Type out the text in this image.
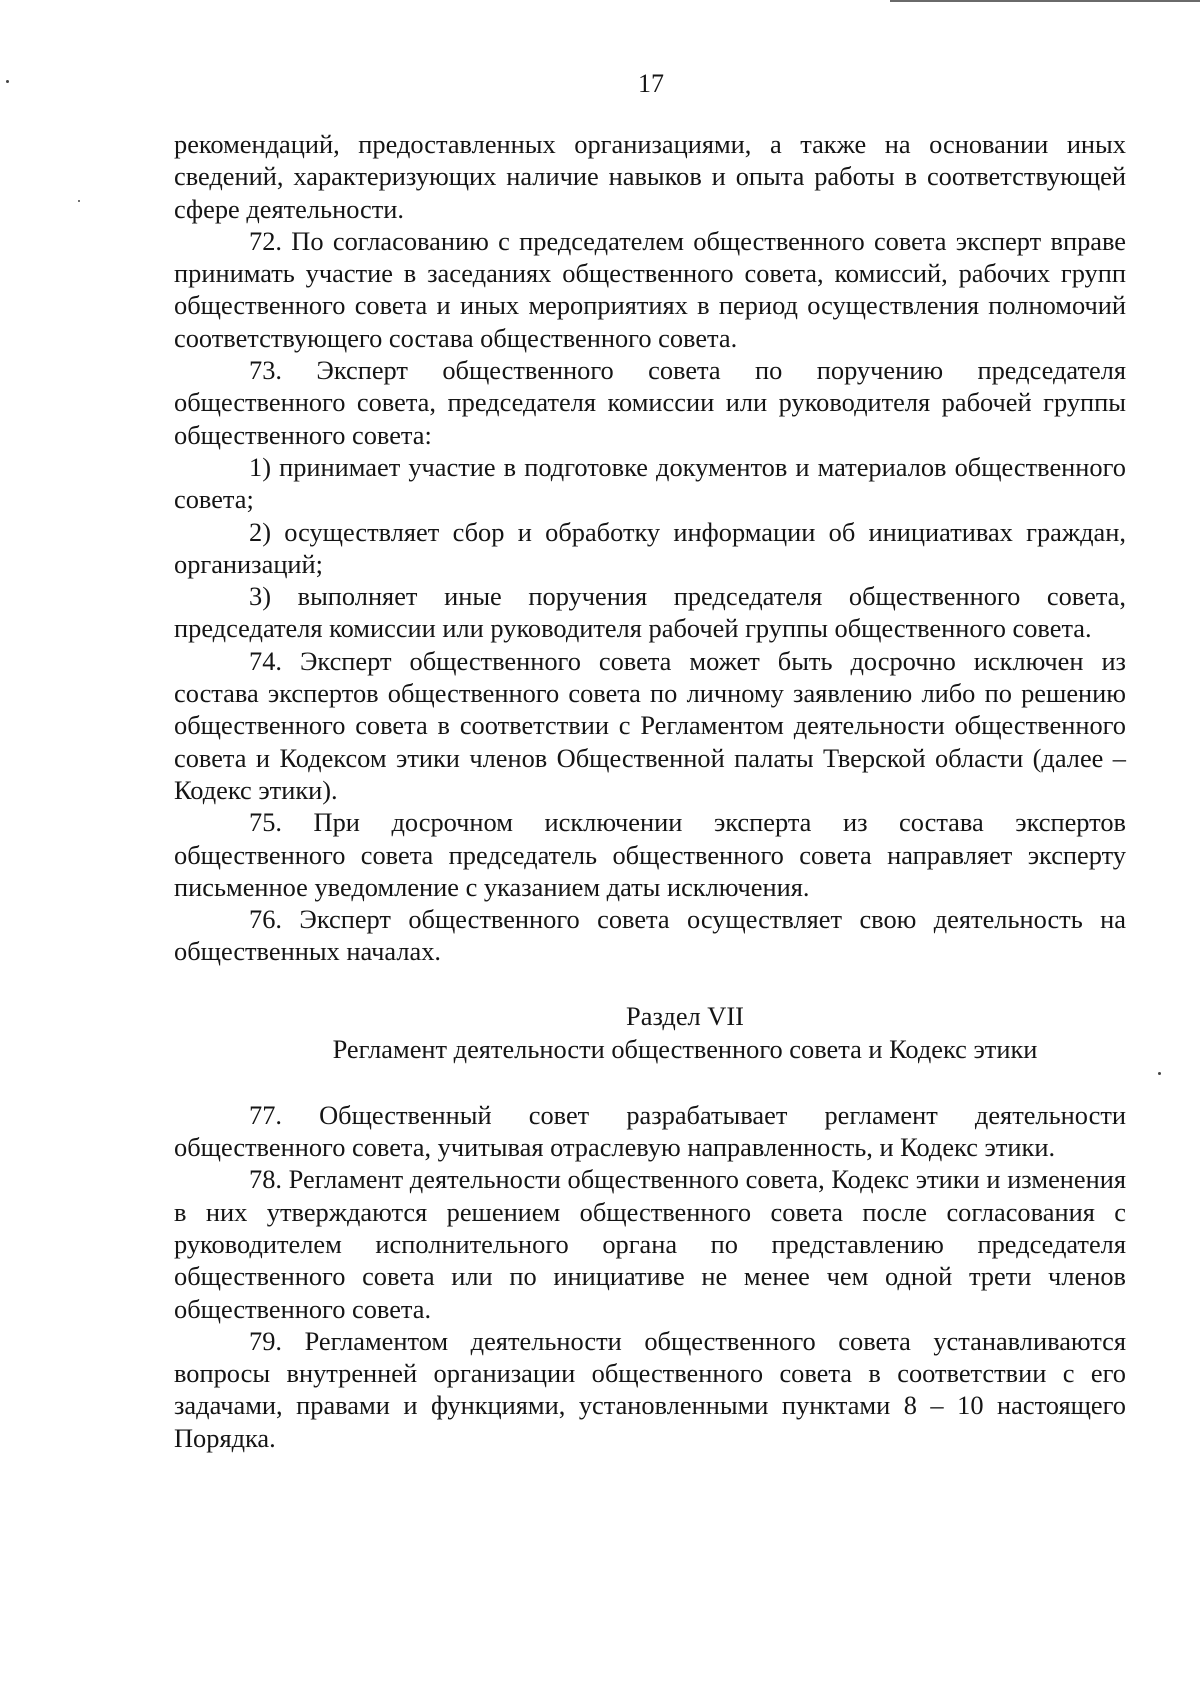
17

рекомендаций, предоставленных организациями, а также на основании иных сведений, характеризующих наличие навыков и опыта работы в соответствующей сфере деятельности.

72. По согласованию с председателем общественного совета эксперт вправе принимать участие в заседаниях общественного совета, комиссий, рабочих групп общественного совета и иных мероприятиях в период осуществления полномочий соответствующего состава общественного совета.

73. Эксперт общественного совета по поручению председателя общественного совета, председателя комиссии или руководителя рабочей группы общественного совета:

1) принимает участие в подготовке документов и материалов общественного совета;

2) осуществляет сбор и обработку информации об инициативах граждан, организаций;

3) выполняет иные поручения председателя общественного совета, председателя комиссии или руководителя рабочей группы общественного совета.

74. Эксперт общественного совета может быть досрочно исключен из состава экспертов общественного совета по личному заявлению либо по решению общественного совета в соответствии с Регламентом деятельности общественного совета и Кодексом этики членов Общественной палаты Тверской области (далее – Кодекс этики).

75. При досрочном исключении эксперта из состава экспертов общественного совета председатель общественного совета направляет эксперту письменное уведомление с указанием даты исключения.

76. Эксперт общественного совета осуществляет свою деятельность на общественных началах.

Раздел VII
Регламент деятельности общественного совета и Кодекс этики

77. Общественный совет разрабатывает регламент деятельности общественного совета, учитывая отраслевую направленность, и Кодекс этики.

78. Регламент деятельности общественного совета, Кодекс этики и изменения в них утверждаются решением общественного совета после согласования с руководителем исполнительного органа по представлению председателя общественного совета или по инициативе не менее чем одной трети членов общественного совета.

79. Регламентом деятельности общественного совета устанавливаются вопросы внутренней организации общественного совета в соответствии с его задачами, правами и функциями, установленными пунктами 8 – 10 настоящего Порядка.
